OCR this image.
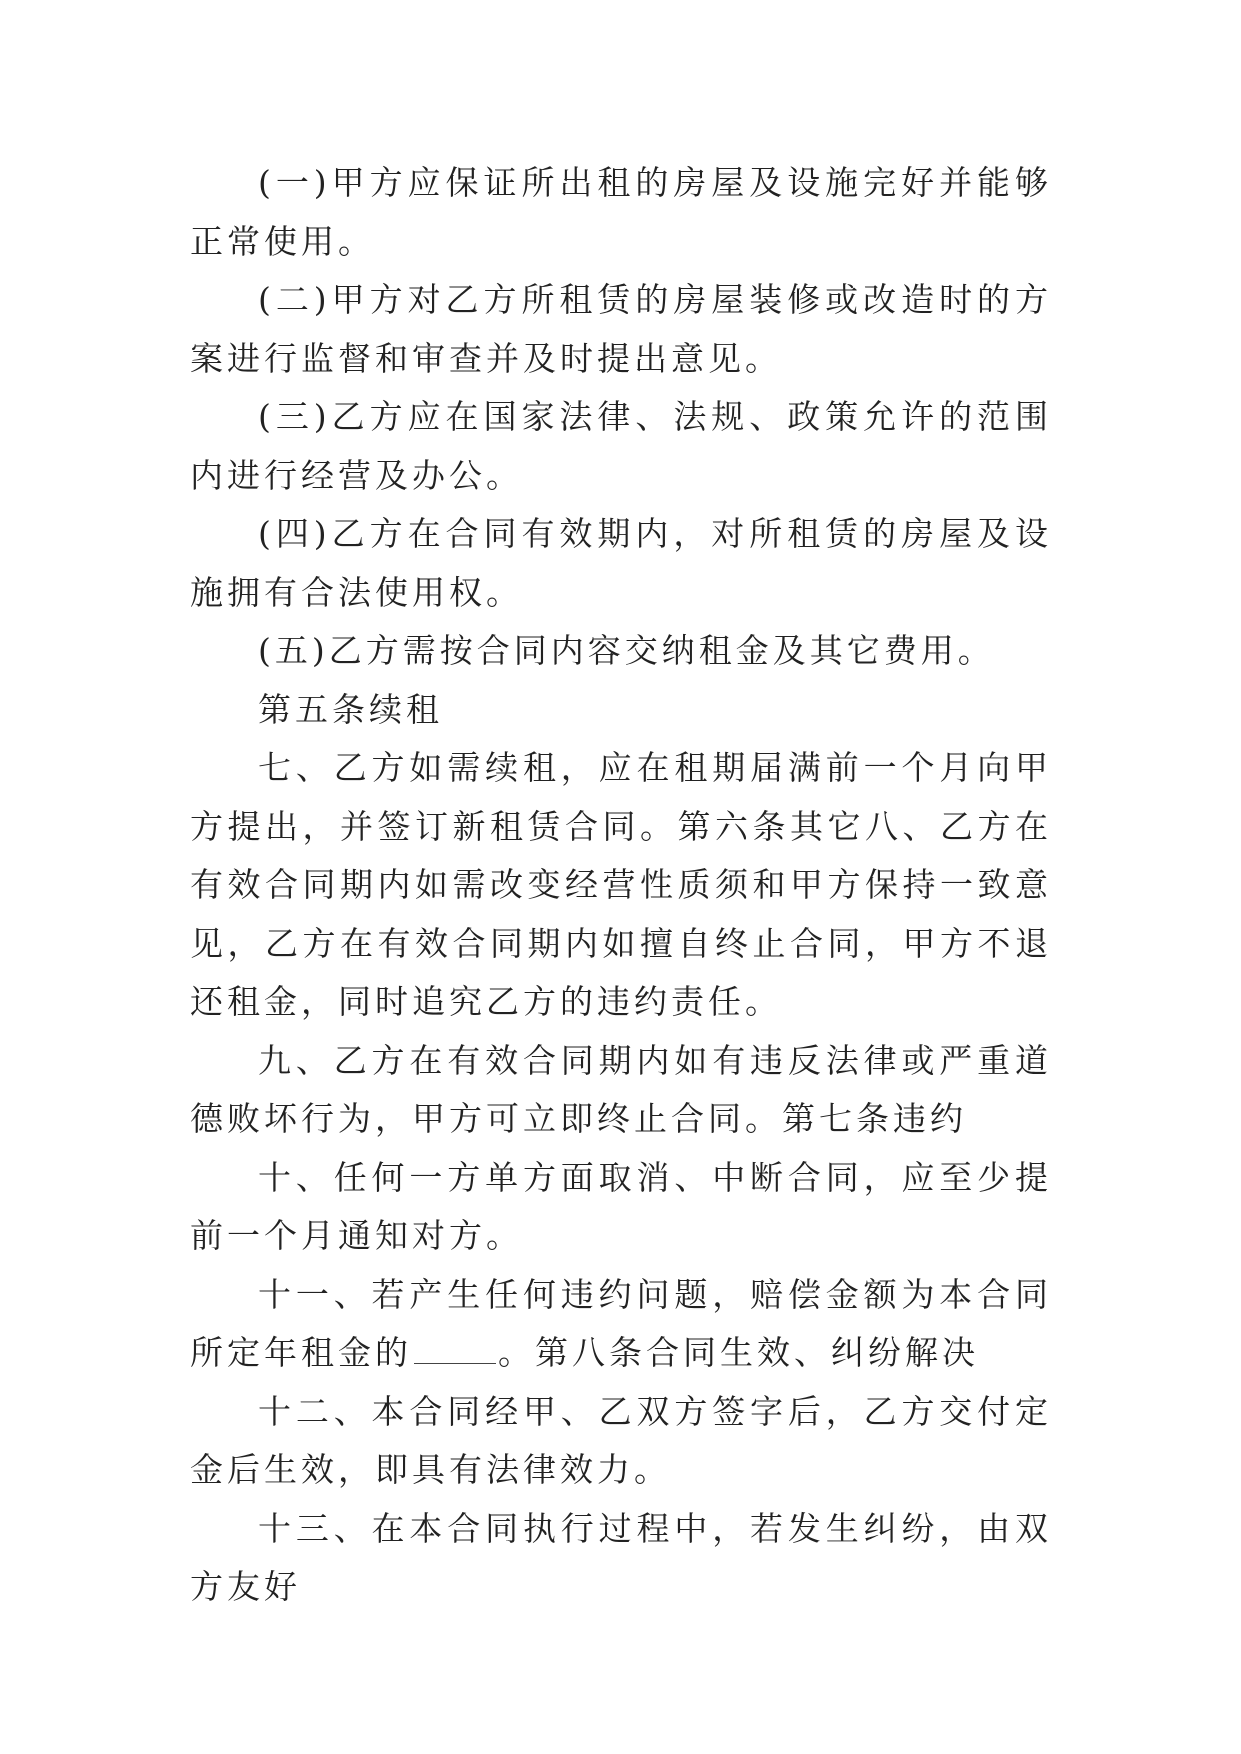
(一)甲方应保证所出租的房屋及设施完好并能够正常使用。

(二)甲方对乙方所租赁的房屋装修或改造时的方案进行监督和审查并及时提出意见。

(三)乙方应在国家法律、法规、政策允许的范围内进行经营及办公。

(四)乙方在合同有效期内，对所租赁的房屋及设施拥有合法使用权。

(五)乙方需按合同内容交纳租金及其它费用。

第五条续租

七、乙方如需续租，应在租期届满前一个月向甲方提出，并签订新租赁合同。第六条其它八、乙方在有效合同期内如需改变经营性质须和甲方保持一致意见，乙方在有效合同期内如擅自终止合同，甲方不退还租金，同时追究乙方的违约责任。

九、乙方在有效合同期内如有违反法律或严重道德败坏行为，甲方可立即终止合同。第七条违约

十、任何一方单方面取消、中断合同，应至少提前一个月通知对方。

十一、若产生任何违约问题，赔偿金额为本合同所定年租金的	。第八条合同生效、纠纷解决

十二、本合同经甲、乙双方签字后，乙方交付定金后生效，即具有法律效力。

十三、在本合同执行过程中，若发生纠纷，由双方友好
